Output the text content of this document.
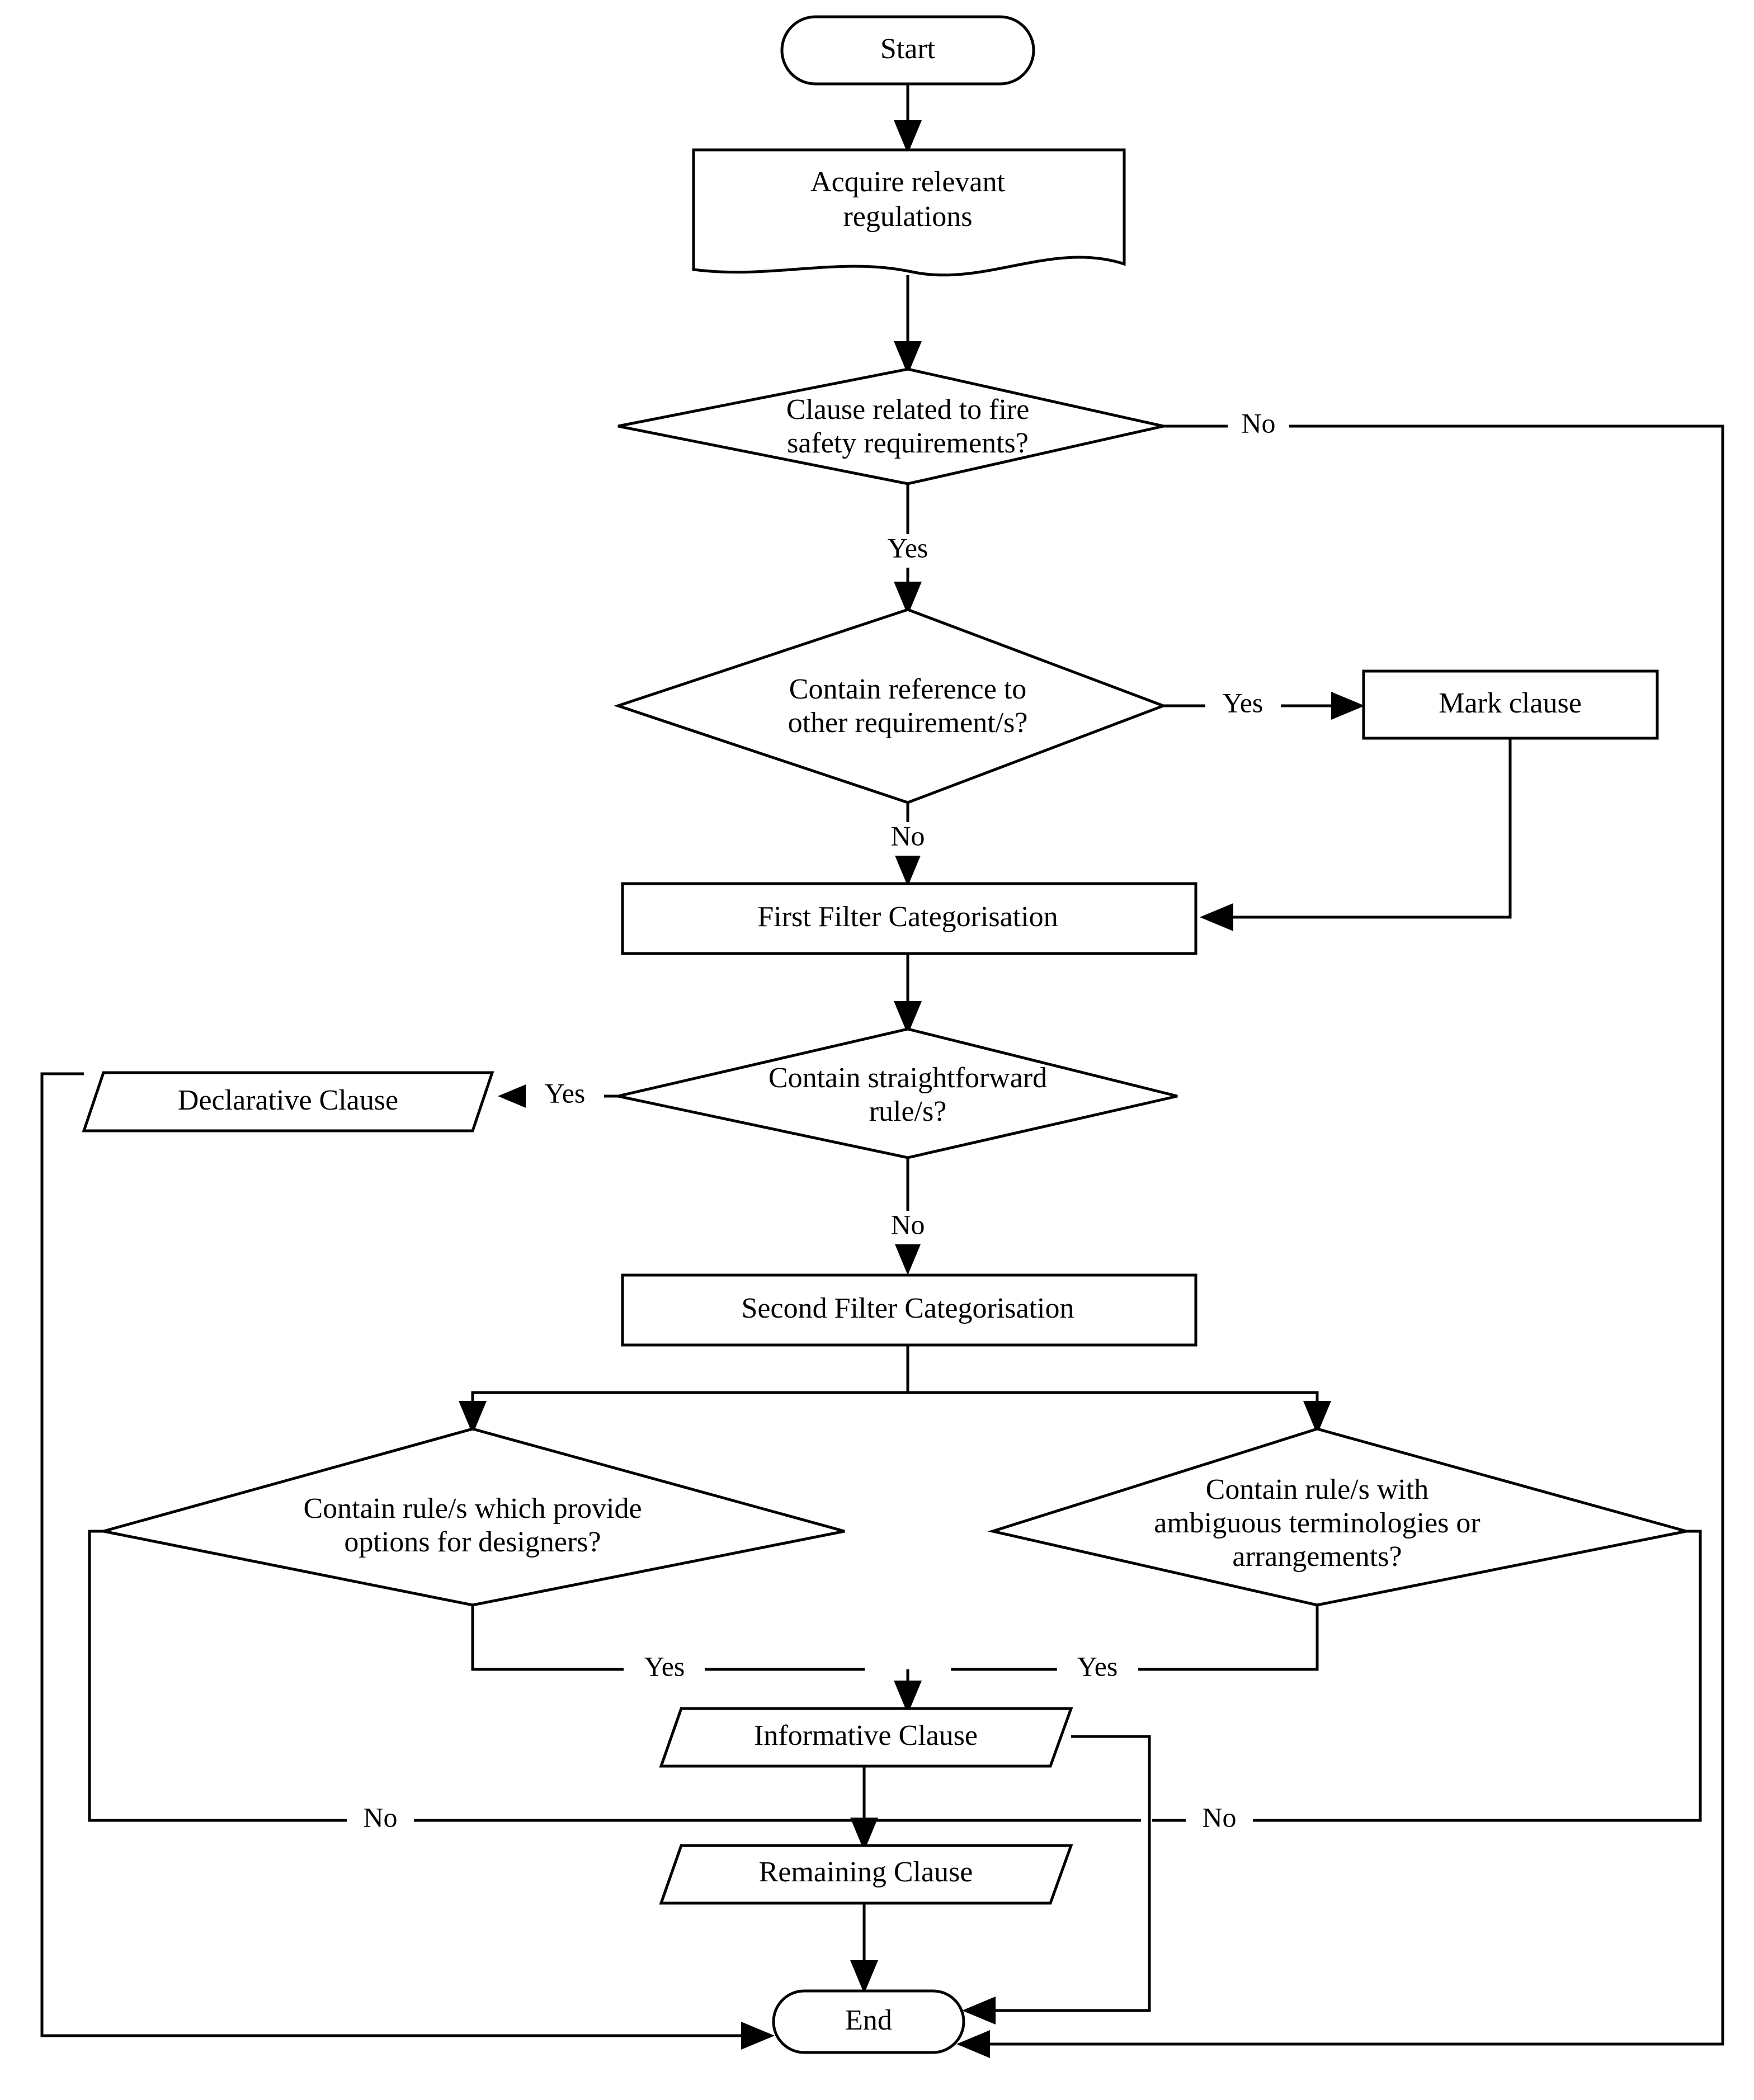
Start
Acquire relevant
regulations
Clause related to fire
safety requirements?
Contain reference to
other requirement/s?
Mark clause
First Filter Categorisation
Contain straightforward
rule/s?
Declarative Clause
Second Filter Categorisation
Contain rule/s which provide
options for designers?
Contain rule/s with
ambiguous terminologies or
arrangements?
Informative Clause
Remaining Clause
End
No
Yes
Yes
No
Yes
No
Yes	Yes
No	No
